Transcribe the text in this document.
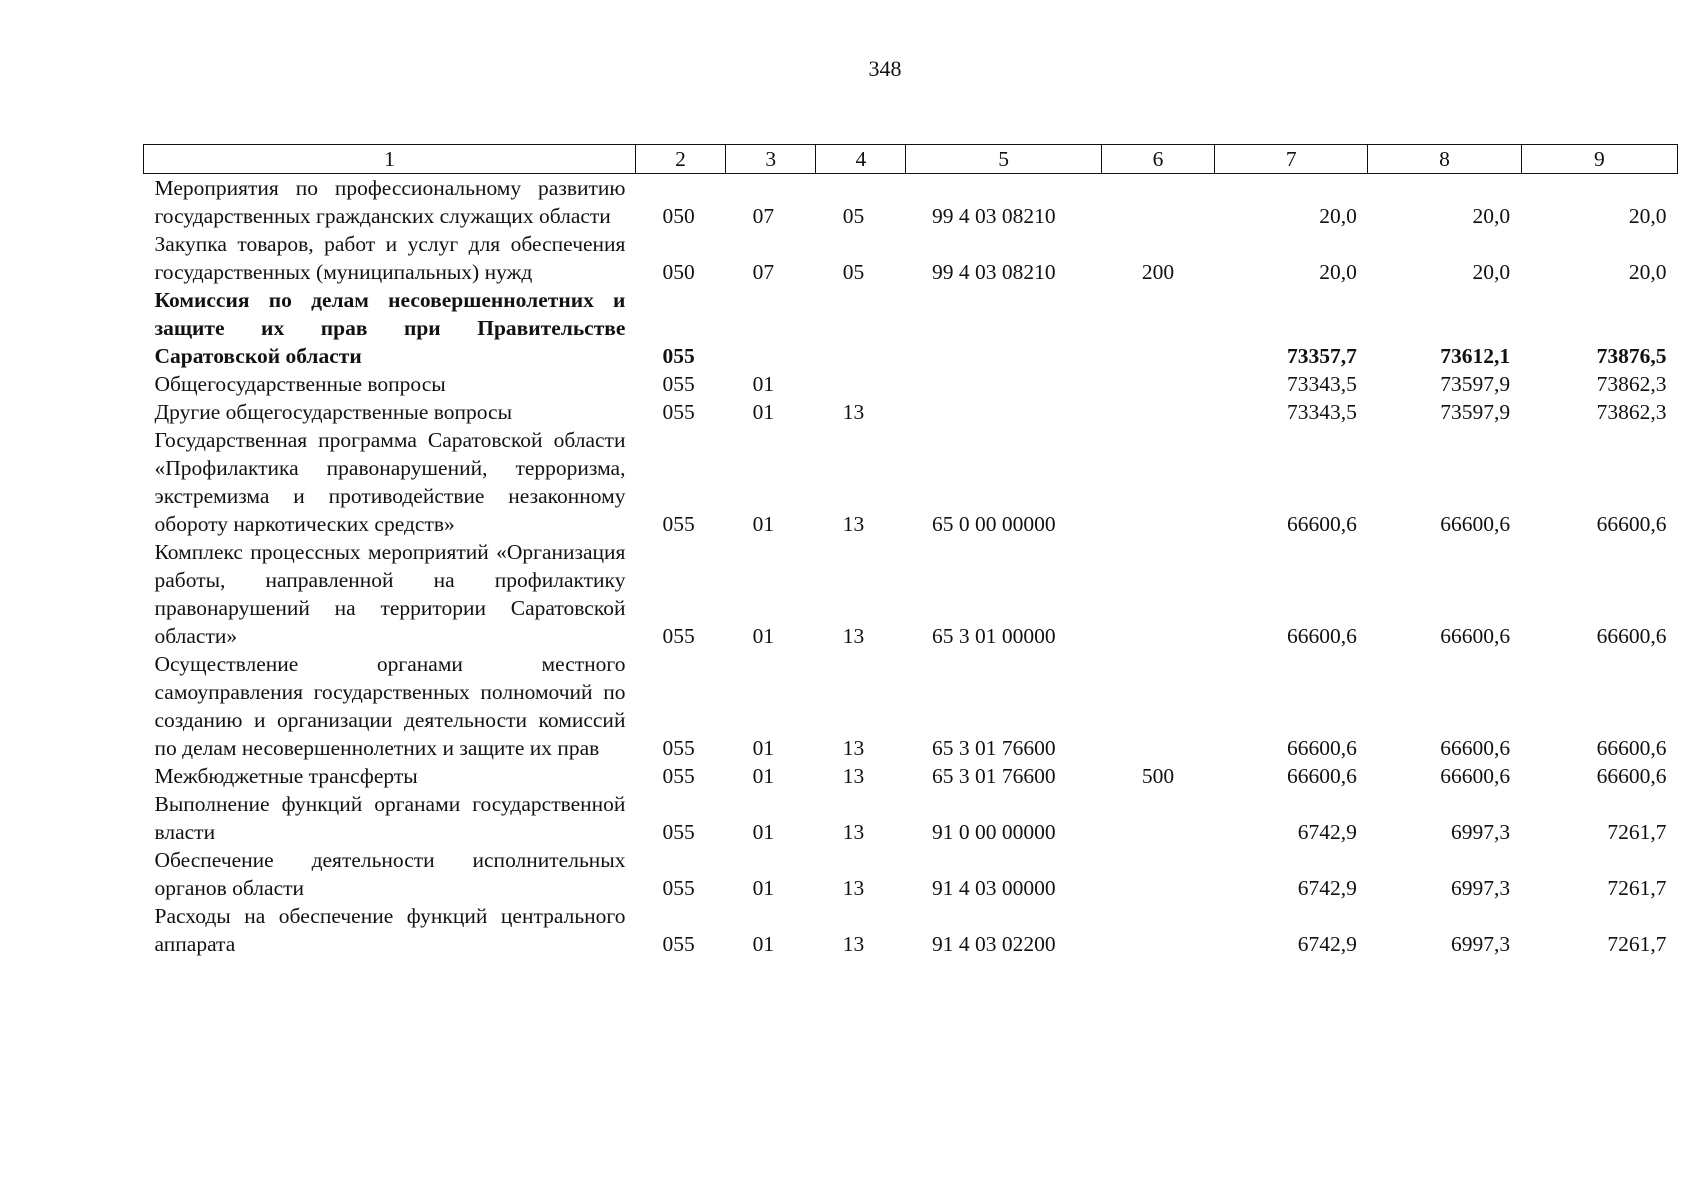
348
1	2	3	4	5	6	7	8	9
Мероприятия по профессиональному развитию государственных гражданских служащих области	050	07	05	99 4 03 08210		20,0	20,0	20,0
Закупка товаров, работ и услуг для обеспечения государственных (муниципальных) нужд	050	07	05	99 4 03 08210	200	20,0	20,0	20,0
Комиссия по делам несовершеннолетних и защите их прав при Правительстве Саратовской области	055					73357,7	73612,1	73876,5
Общегосударственные вопросы	055	01				73343,5	73597,9	73862,3
Другие общегосударственные вопросы	055	01	13			73343,5	73597,9	73862,3
Государственная программа Саратовской области «Профилактика правонарушений, терроризма, экстремизма и противодействие незаконному обороту наркотических средств»	055	01	13	65 0 00 00000		66600,6	66600,6	66600,6
Комплекс процессных мероприятий «Организация работы, направленной на профилактику правонарушений на территории Саратовской области»	055	01	13	65 3 01 00000		66600,6	66600,6	66600,6
Осуществление органами местного самоуправления государственных полномочий по созданию и организации деятельности комиссий по делам несовершеннолетних и защите их прав	055	01	13	65 3 01 76600		66600,6	66600,6	66600,6
Межбюджетные трансферты	055	01	13	65 3 01 76600	500	66600,6	66600,6	66600,6
Выполнение функций органами государственной власти	055	01	13	91 0 00 00000		6742,9	6997,3	7261,7
Обеспечение деятельности исполнительных органов области	055	01	13	91 4 03 00000		6742,9	6997,3	7261,7
Расходы на обеспечение функций центрального аппарата	055	01	13	91 4 03 02200		6742,9	6997,3	7261,7
